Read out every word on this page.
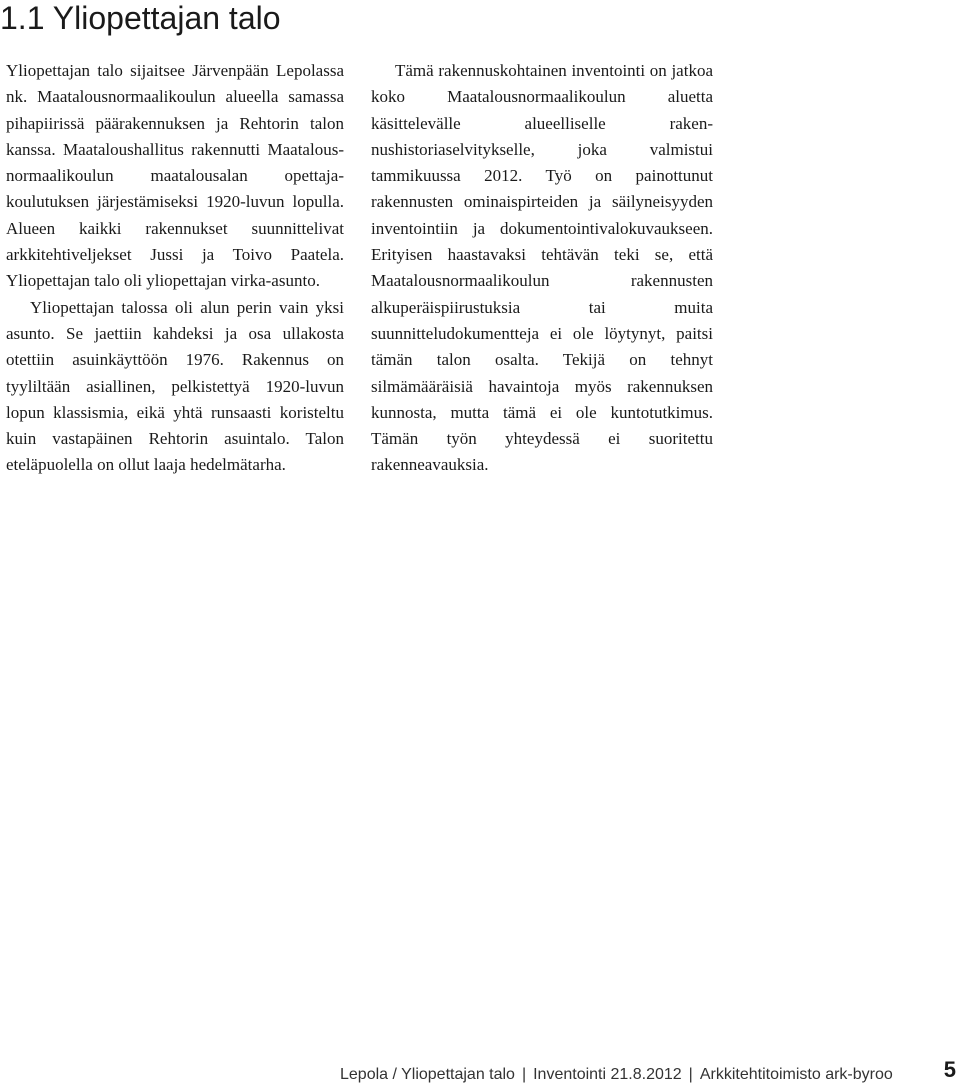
1.1 Yliopettajan talo

Yliopettajan talo sijaitsee Järvenpään Lepolassa nk. Maatalousnormaalikoulun alueella samassa pihapiirissä päärakennuksen ja Rehtorin talon kanssa. Maataloushallitus rakennutti Maatalousnormaalikoulun maatalousalan opettajakoulutuksen järjestämiseksi 1920-luvun lopulla. Alueen kaikki rakennukset suunnittelivat arkkitehtiveljekset Jussi ja Toivo Paatela. Yliopettajan talo oli yliopettajan virka-asunto.

Yliopettajan talossa oli alun perin vain yksi asunto. Se jaettiin kahdeksi ja osa ullakosta otettiin asuinkäyttöön 1976. Rakennus on tyyliltään asiallinen, pelkistettyä 1920-luvun lopun klassismia, eikä yhtä runsaasti koristeltu kuin vastapäinen Rehtorin asuintalo. Talon eteläpuolella on ollut laaja hedelmätarha.

Tämä rakennuskohtainen inventointi on jatkoa koko Maatalousnormaalikoulun aluetta käsittelevälle alueelliselle rakennushistoriaselvitykselle, joka valmistui tammikuussa 2012. Työ on painottunut rakennusten ominaispirteiden ja säilyneisyyden inventointiin ja dokumentointivalokuvaukseen. Erityisen haastavaksi tehtävän teki se, että Maatalousnormaalikoulun rakennusten alkuperäispiirustuksia tai muita suunnitteludokumentteja ei ole löytynyt, paitsi tämän talon osalta. Tekijä on tehnyt silmämääräisiä havaintoja myös rakennuksen kunnosta, mutta tämä ei ole kuntotutkimus. Tämän työn yhteydessä ei suoritettu rakenneavauksia.

Lepola / Yliopettajan talo | Inventointi 21.8.2012 | Arkkitehtitoimisto ark-byroo	5
